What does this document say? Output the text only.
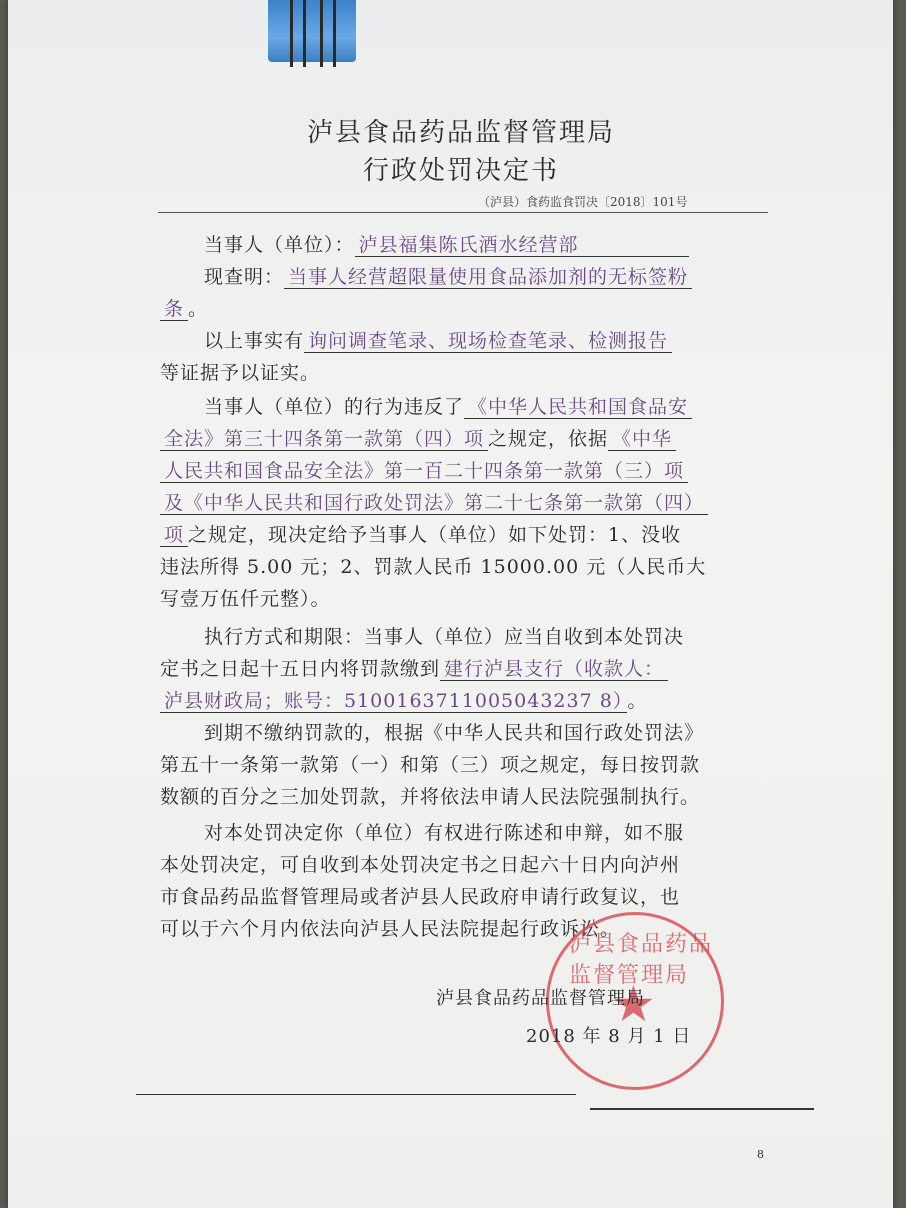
泸县食品药品监督管理局
行政处罚决定书
（泸县）食药监食罚决〔2018〕101号
当事人（单位）： 泸县福集陈氏酒水经营部
现查明： 当事人经营超限量使用食品添加剂的无标签粉
条 。
以上事实有 询问调查笔录、现场检查笔录、检测报告
等证据予以证实。
当事人（单位）的行为违反了 《中华人民共和国食品安
全法》第三十四条第一款第（四）项 之规定，依据 《中华
人民共和国食品安全法》第一百二十四条第一款第（三）项
及《中华人民共和国行政处罚法》第二十七条第一款第（四）
项 之规定，现决定给予当事人（单位）如下处罚：1、没收
违法所得 5.00 元；2、罚款人民币 15000.00 元（人民币大
写壹万伍仟元整）。
执行方式和期限：当事人（单位）应当自收到本处罚决
定书之日起十五日内将罚款缴到 建行泸县支行（收款人：
泸县财政局；账号：5100163711005043237 8） 。
到期不缴纳罚款的，根据《中华人民共和国行政处罚法》
第五十一条第一款第（一）和第（三）项之规定，每日按罚款
数额的百分之三加处罚款，并将依法申请人民法院强制执行。
对本处罚决定你（单位）有权进行陈述和申辩，如不服
本处罚决定，可自收到本处罚决定书之日起六十日内向泸州
市食品药品监督管理局或者泸县人民政府申请行政复议，也
可以于六个月内依法向泸县人民法院提起行政诉讼。
泸县食品药品监督管理局
★
泸县食品药品监督管理局
2018 年 8 月 1 日
8
